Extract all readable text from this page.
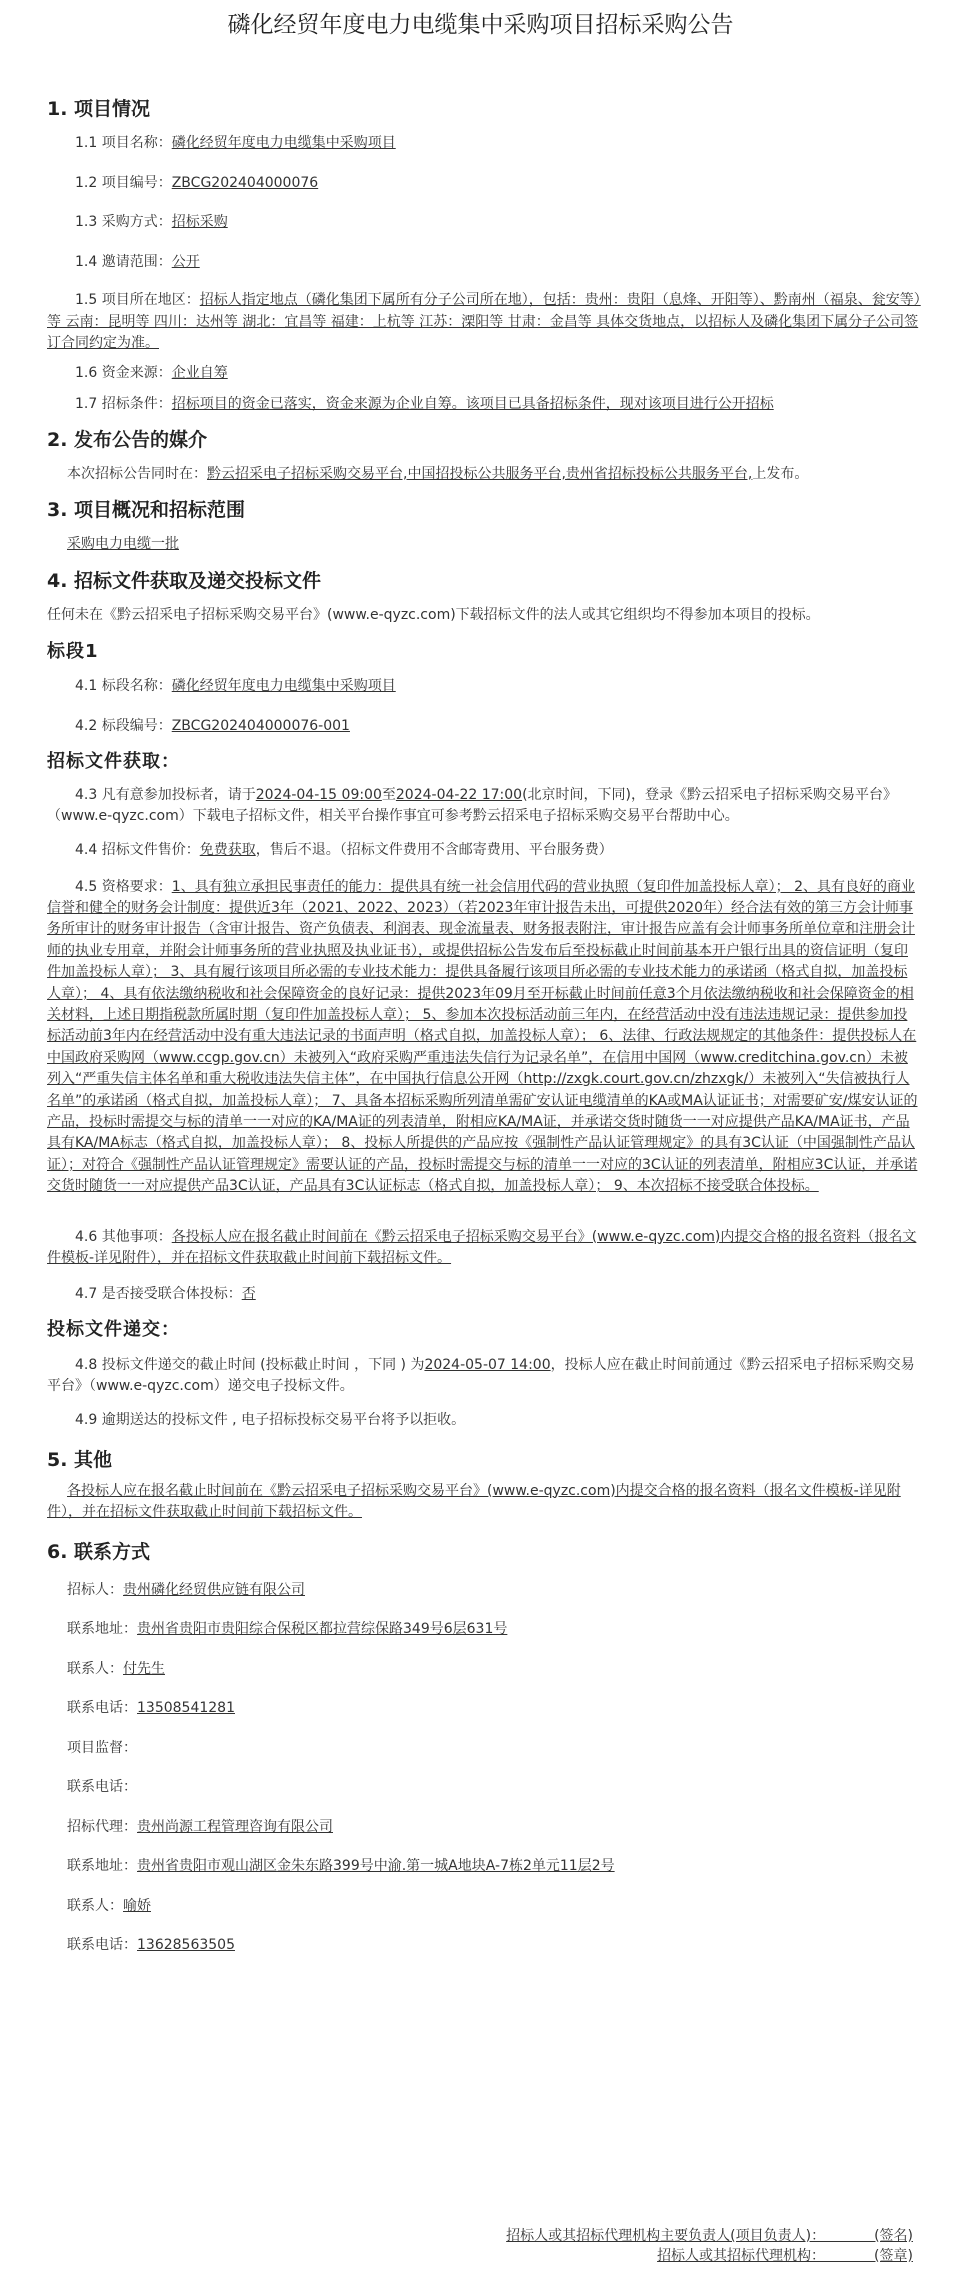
磷化经贸年度电力电缆集中采购项目招标采购公告
1. 项目情况
1.1 项目名称：磷化经贸年度电力电缆集中采购项目
1.2 项目编号：ZBCG202404000076
1.3 采购方式：招标采购
1.4 邀请范围：公开
1.5 项目所在地区：招标人指定地点（磷化集团下属所有分子公司所在地），包括：贵州：贵阳（息烽、开阳等）、黔南州（福泉、瓮安等）等 云南：昆明等 四川：达州等 湖北：宜昌等 福建：上杭等 江苏：溧阳等 甘肃：金昌等 具体交货地点，以招标人及磷化集团下属分子公司签订合同约定为准。
1.6 资金来源：企业自筹
1.7 招标条件：招标项目的资金已落实，资金来源为企业自筹。该项目已具备招标条件，现对该项目进行公开招标
2. 发布公告的媒介
本次招标公告同时在：黔云招采电子招标采购交易平台,中国招投标公共服务平台,贵州省招标投标公共服务平台,上发布。
3. 项目概况和招标范围
采购电力电缆一批
4. 招标文件获取及递交投标文件
任何未在《黔云招采电子招标采购交易平台》(www.e-qyzc.com)下载招标文件的法人或其它组织均不得参加本项目的投标。
标段1
4.1 标段名称：磷化经贸年度电力电缆集中采购项目
4.2 标段编号：ZBCG202404000076-001
招标文件获取：
4.3 凡有意参加投标者，请于2024-04-15 09:00至2024-04-22 17:00(北京时间，下同)，登录《黔云招采电子招标采购交易平台》（www.e-qyzc.com）下载电子招标文件，相关平台操作事宜可参考黔云招采电子招标采购交易平台帮助中心。
4.4 招标文件售价：免费获取，售后不退。（招标文件费用不含邮寄费用、平台服务费）
4.5 资格要求：1、具有独立承担民事责任的能力：提供具有统一社会信用代码的营业执照（复印件加盖投标人章）； 2、具有良好的商业信誉和健全的财务会计制度：提供近3年（2021、2022、2023）（若2023年审计报告未出，可提供2020年）经合法有效的第三方会计师事务所审计的财务审计报告（含审计报告、资产负债表、利润表、现金流量表、财务报表附注，审计报告应盖有会计师事务所单位章和注册会计师的执业专用章，并附会计师事务所的营业执照及执业证书），或提供招标公告发布后至投标截止时间前基本开户银行出具的资信证明（复印件加盖投标人章）； 3、具有履行该项目所必需的专业技术能力：提供具备履行该项目所必需的专业技术能力的承诺函（格式自拟，加盖投标人章）； 4、具有依法缴纳税收和社会保障资金的良好记录：提供2023年09月至开标截止时间前任意3个月依法缴纳税收和社会保障资金的相关材料，上述日期指税款所属时期（复印件加盖投标人章）； 5、参加本次投标活动前三年内，在经营活动中没有违法违规记录：提供参加投标活动前3年内在经营活动中没有重大违法记录的书面声明（格式自拟，加盖投标人章）； 6、法律、行政法规规定的其他条件：提供投标人在中国政府采购网（www.ccgp.gov.cn）未被列入“政府采购严重违法失信行为记录名单”，在信用中国网（www.creditchina.gov.cn）未被列入“严重失信主体名单和重大税收违法失信主体”，在中国执行信息公开网（http://zxgk.court.gov.cn/zhzxgk/）未被列入“失信被执行人名单”的承诺函（格式自拟，加盖投标人章）； 7、具备本招标采购所列清单需矿安认证电缆清单的KA或MA认证证书；对需要矿安/煤安认证的产品，投标时需提交与标的清单一一对应的KA/MA证的列表清单，附相应KA/MA证，并承诺交货时随货一一对应提供产品KA/MA证书，产品具有KA/MA标志（格式自拟，加盖投标人章）； 8、投标人所提供的产品应按《强制性产品认证管理规定》的具有3C认证（中国强制性产品认证）；对符合《强制性产品认证管理规定》需要认证的产品，投标时需提交与标的清单一一对应的3C认证的列表清单，附相应3C认证，并承诺交货时随货一一对应提供产品3C认证，产品具有3C认证标志（格式自拟，加盖投标人章）； 9、本次招标不接受联合体投标。
4.6 其他事项：各投标人应在报名截止时间前在《黔云招采电子招标采购交易平台》(www.e-qyzc.com)内提交合格的报名资料（报名文件模板-详见附件），并在招标文件获取截止时间前下载招标文件。
4.7 是否接受联合体投标：否
投标文件递交：
4.8 投标文件递交的截止时间 (投标截止时间 ，下同 ) 为2024-05-07 14:00，投标人应在截止时间前通过《黔云招采电子招标采购交易平台》（www.e-qyzc.com）递交电子投标文件。
4.9 逾期送达的投标文件 , 电子招标投标交易平台将予以拒收。
5. 其他
各投标人应在报名截止时间前在《黔云招采电子招标采购交易平台》(www.e-qyzc.com)内提交合格的报名资料（报名文件模板-详见附件），并在招标文件获取截止时间前下载招标文件。
6. 联系方式
招标人：贵州磷化经贸供应链有限公司
联系地址：贵州省贵阳市贵阳综合保税区都拉营综保路349号6层631号
联系人：付先生
联系电话：13508541281
项目监督：
联系电话：
招标代理：贵州尚源工程管理咨询有限公司
联系地址：贵州省贵阳市观山湖区金朱东路399号中渝.第一城A地块A-7栋2单元11层2号
联系人：喻娇
联系电话：13628563505
招标人或其招标代理机构主要负责人(项目负责人)：　　　　(签名)
招标人或其招标代理机构：　　　　(签章)
